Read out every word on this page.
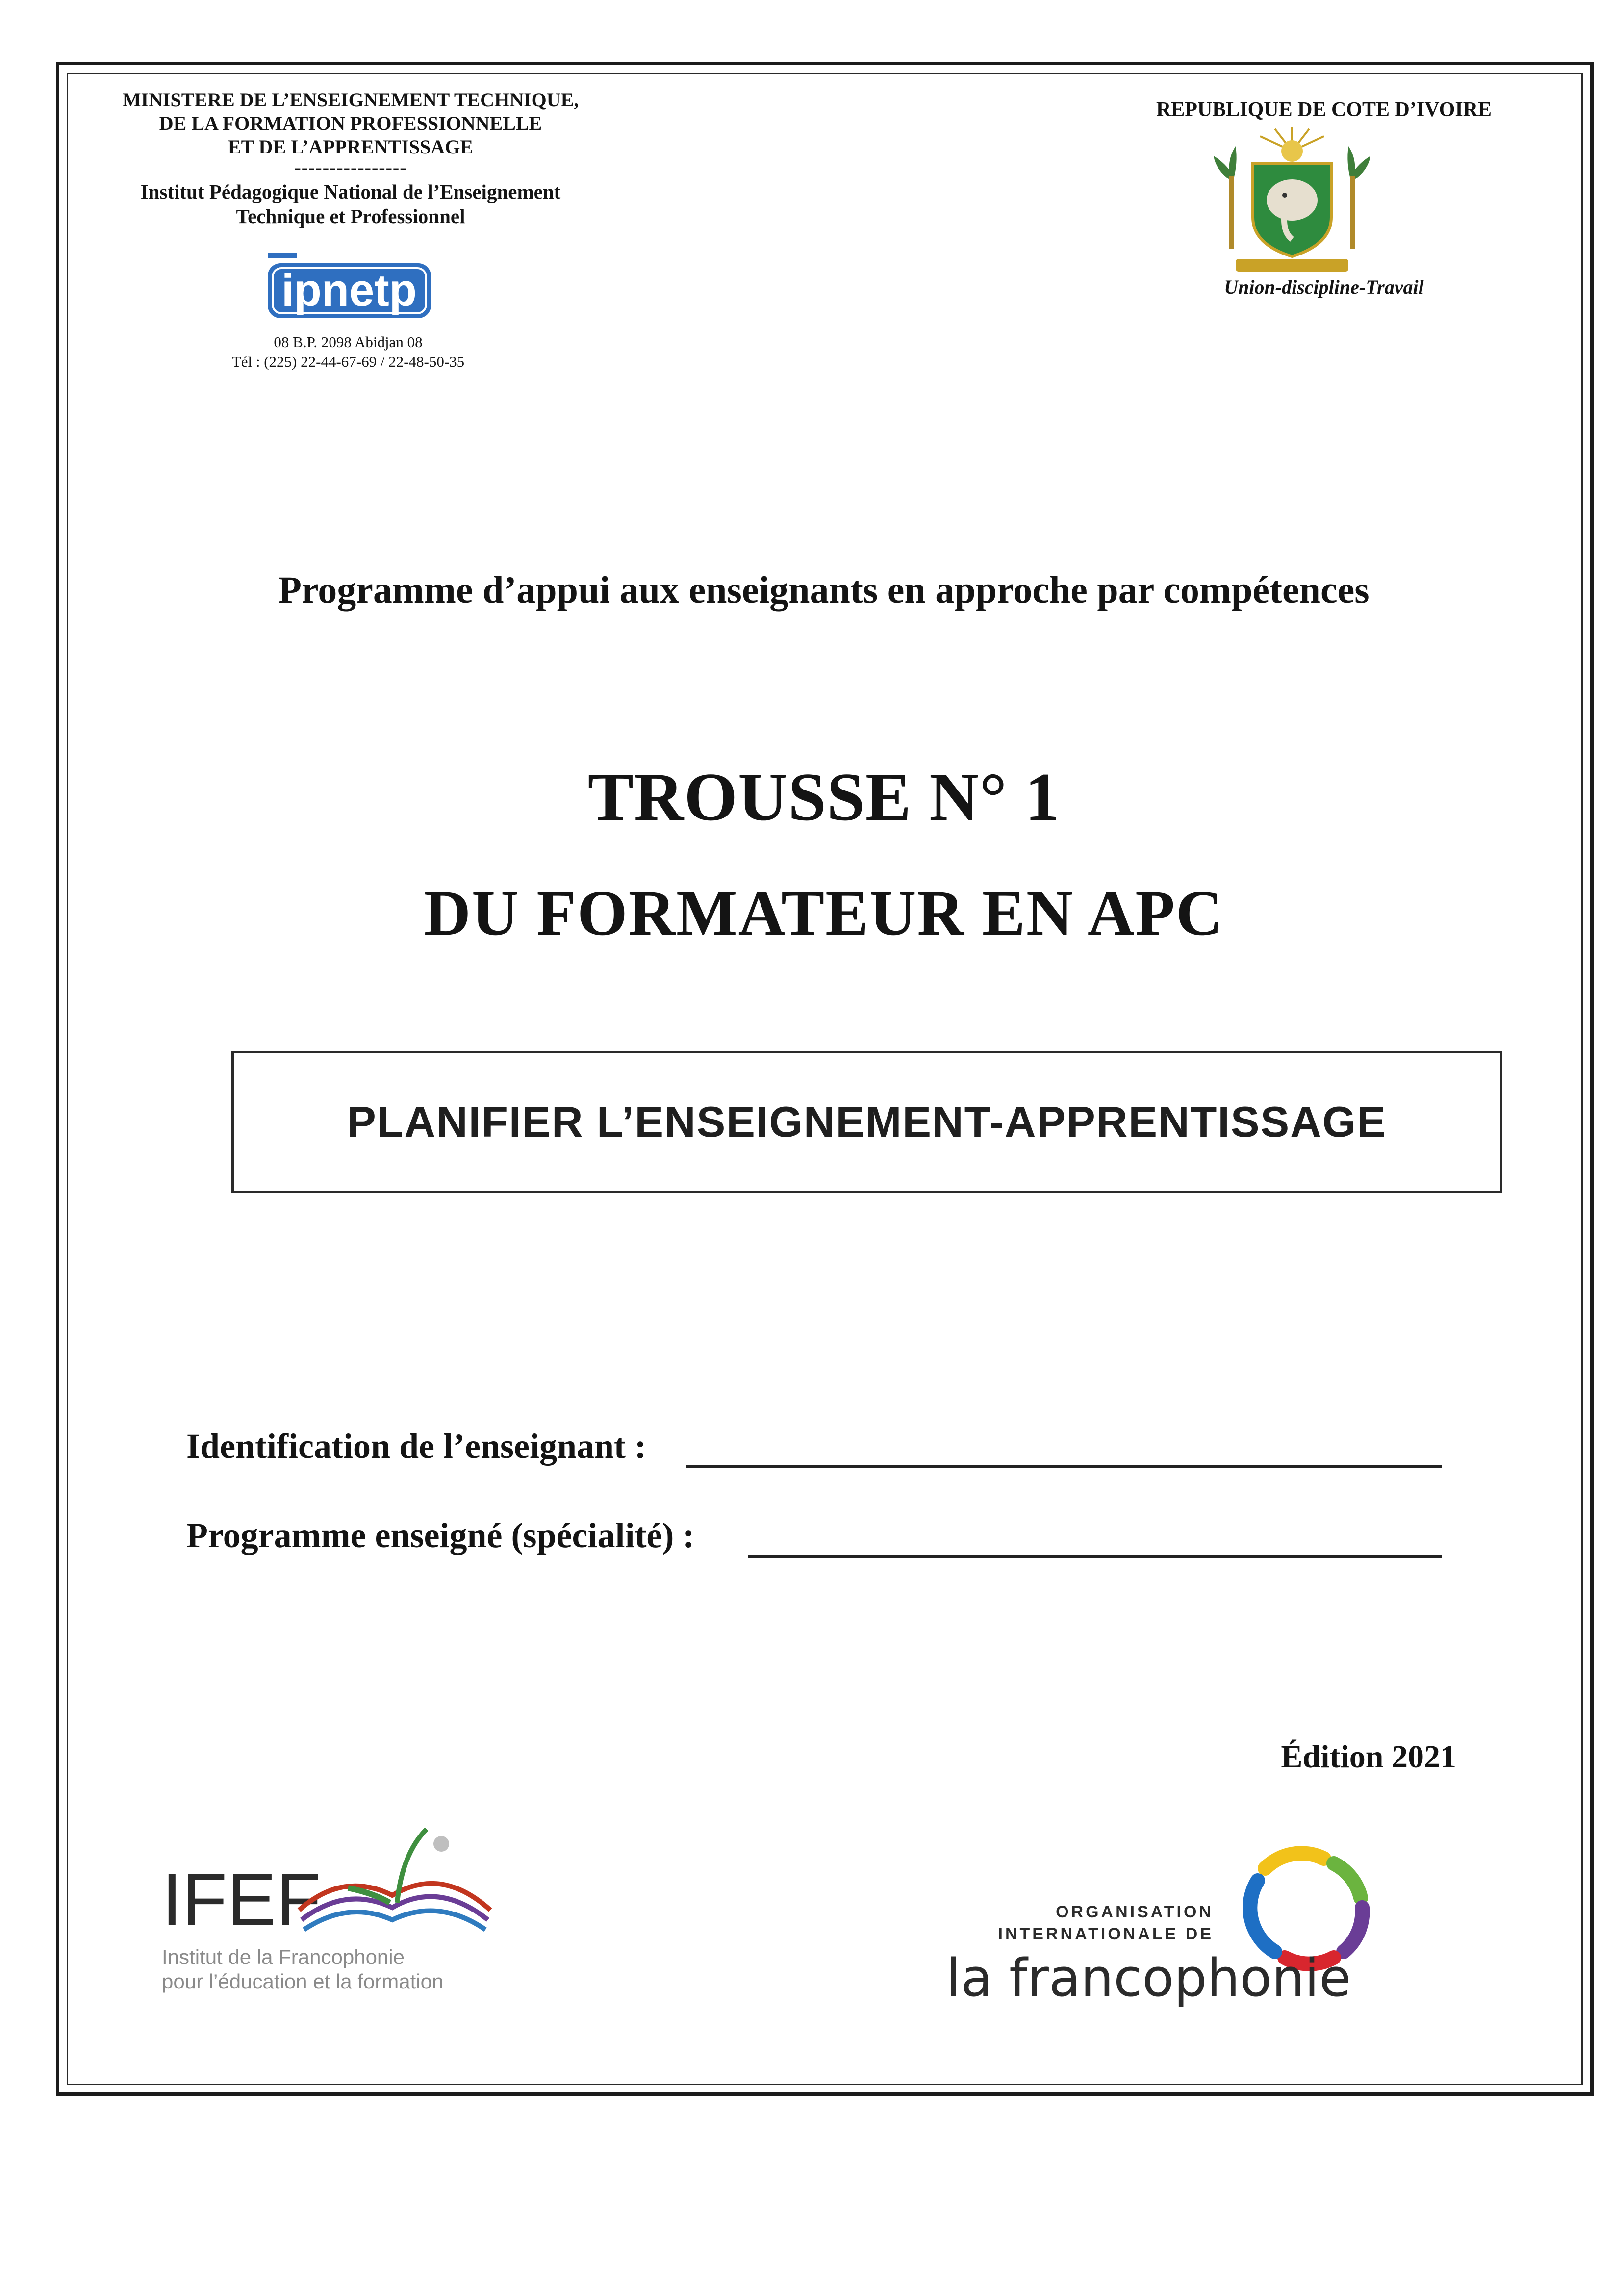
MINISTERE DE L’ENSEIGNEMENT TECHNIQUE,
DE LA FORMATION PROFESSIONNELLE
ET DE L’APPRENTISSAGE
----------------
Institut Pédagogique National de l’Enseignement
Technique et Professionnel
ipnetp
08 B.P. 2098 Abidjan 08
Tél : (225) 22-44-67-69 / 22-48-50-35
REPUBLIQUE DE COTE D’IVOIRE
Union-discipline-Travail
Programme d’appui aux enseignants en approche par compétences
TROUSSE N° 1
DU FORMATEUR EN APC
PLANIFIER L’ENSEIGNEMENT-APPRENTISSAGE
Identification de l’enseignant :
Programme enseigné (spécialité) :
Édition 2021
IFEF
Institut de la Francophonie
pour l’éducation et la formation
ORGANISATION
INTERNATIONALE DE
la francophonie
